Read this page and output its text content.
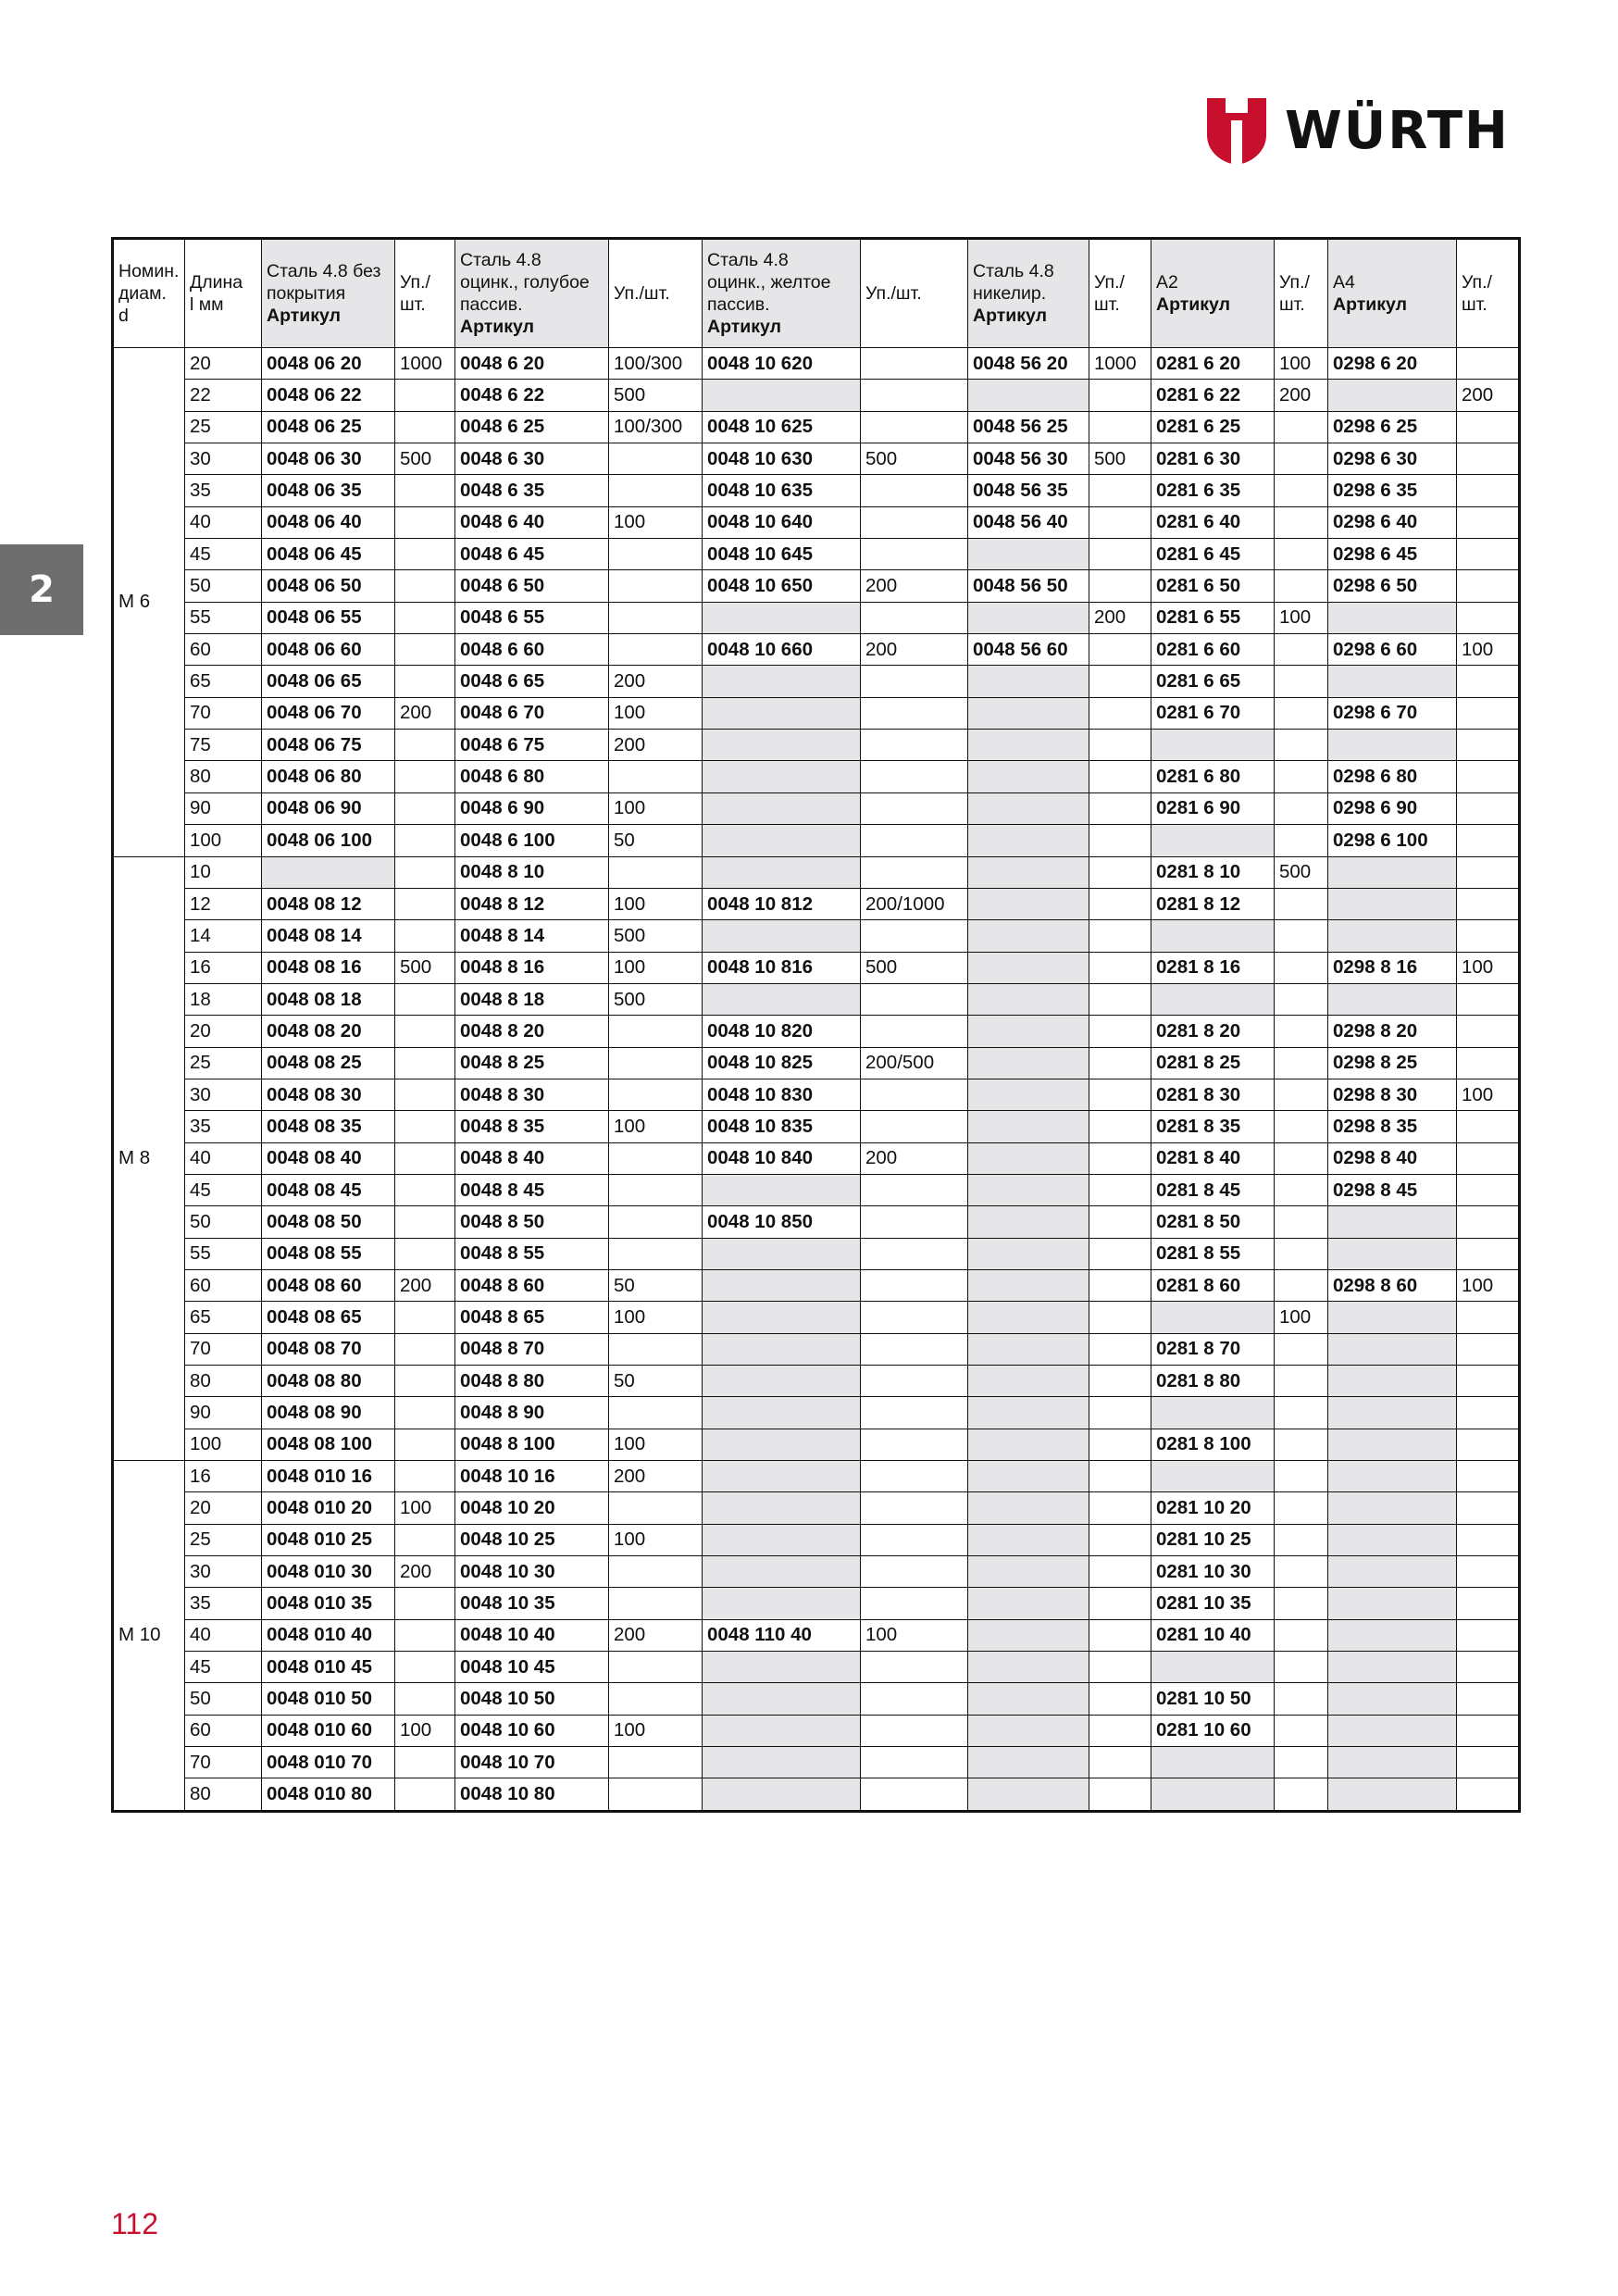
WÜRTH
2
Номин.
диам.
d	Длина
l мм	Сталь 4.8 без
покрытия
Артикул	Уп./
шт.	Сталь 4.8
оцинк., голубое
пассив.
Артикул	Уп./шт.	Сталь 4.8
оцинк., желтое
пассив.
Артикул	Уп./шт.	Сталь 4.8
никелир.
Артикул	Уп./
шт.	A2
Артикул	Уп./
шт.	A4
Артикул	Уп./
шт.
M 6	20	0048 06 20	1000	0048 6 20	100/300	0048 10 620		0048 56 20	1000	0281 6 20	100	0298 6 20	
	22	0048 06 22		0048 6 22	500					0281 6 22	200		200
	25	0048 06 25		0048 6 25	100/300	0048 10 625		0048 56 25		0281 6 25		0298 6 25	
	30	0048 06 30	500	0048 6 30		0048 10 630	500	0048 56 30	500	0281 6 30		0298 6 30	
	35	0048 06 35		0048 6 35		0048 10 635		0048 56 35		0281 6 35		0298 6 35	
	40	0048 06 40		0048 6 40	100	0048 10 640		0048 56 40		0281 6 40		0298 6 40	
	45	0048 06 45		0048 6 45		0048 10 645				0281 6 45		0298 6 45	
	50	0048 06 50		0048 6 50		0048 10 650	200	0048 56 50		0281 6 50		0298 6 50	
	55	0048 06 55		0048 6 55					200	0281 6 55	100		
	60	0048 06 60		0048 6 60		0048 10 660	200	0048 56 60		0281 6 60		0298 6 60	100
	65	0048 06 65		0048 6 65	200					0281 6 65			
	70	0048 06 70	200	0048 6 70	100					0281 6 70		0298 6 70	
	75	0048 06 75		0048 6 75	200								
	80	0048 06 80		0048 6 80						0281 6 80		0298 6 80	
	90	0048 06 90		0048 6 90	100					0281 6 90		0298 6 90	
	100	0048 06 100		0048 6 100	50							0298 6 100	
M 8	10			0048 8 10						0281 8 10	500		
	12	0048 08 12		0048 8 12	100	0048 10 812	200/1000			0281 8 12			
	14	0048 08 14		0048 8 14	500								
	16	0048 08 16	500	0048 8 16	100	0048 10 816	500			0281 8 16		0298 8 16	100
	18	0048 08 18		0048 8 18	500								
	20	0048 08 20		0048 8 20		0048 10 820				0281 8 20		0298 8 20	
	25	0048 08 25		0048 8 25		0048 10 825	200/500			0281 8 25		0298 8 25	
	30	0048 08 30		0048 8 30		0048 10 830				0281 8 30		0298 8 30	100
	35	0048 08 35		0048 8 35	100	0048 10 835				0281 8 35		0298 8 35	
	40	0048 08 40		0048 8 40		0048 10 840	200			0281 8 40		0298 8 40	
	45	0048 08 45		0048 8 45						0281 8 45		0298 8 45	
	50	0048 08 50		0048 8 50		0048 10 850				0281 8 50			
	55	0048 08 55		0048 8 55						0281 8 55			
	60	0048 08 60	200	0048 8 60	50					0281 8 60		0298 8 60	100
	65	0048 08 65		0048 8 65	100						100		
	70	0048 08 70		0048 8 70						0281 8 70			
	80	0048 08 80		0048 8 80	50					0281 8 80			
	90	0048 08 90		0048 8 90									
	100	0048 08 100		0048 8 100	100					0281 8 100			
M 10	16	0048 010 16		0048 10 16	200								
	20	0048 010 20	100	0048 10 20						0281 10 20			
	25	0048 010 25		0048 10 25	100					0281 10 25			
	30	0048 010 30	200	0048 10 30						0281 10 30			
	35	0048 010 35		0048 10 35						0281 10 35			
	40	0048 010 40		0048 10 40	200	0048 110 40	100			0281 10 40			
	45	0048 010 45		0048 10 45									
	50	0048 010 50		0048 10 50						0281 10 50			
	60	0048 010 60	100	0048 10 60	100					0281 10 60			
	70	0048 010 70		0048 10 70									
	80	0048 010 80		0048 10 80									
112
